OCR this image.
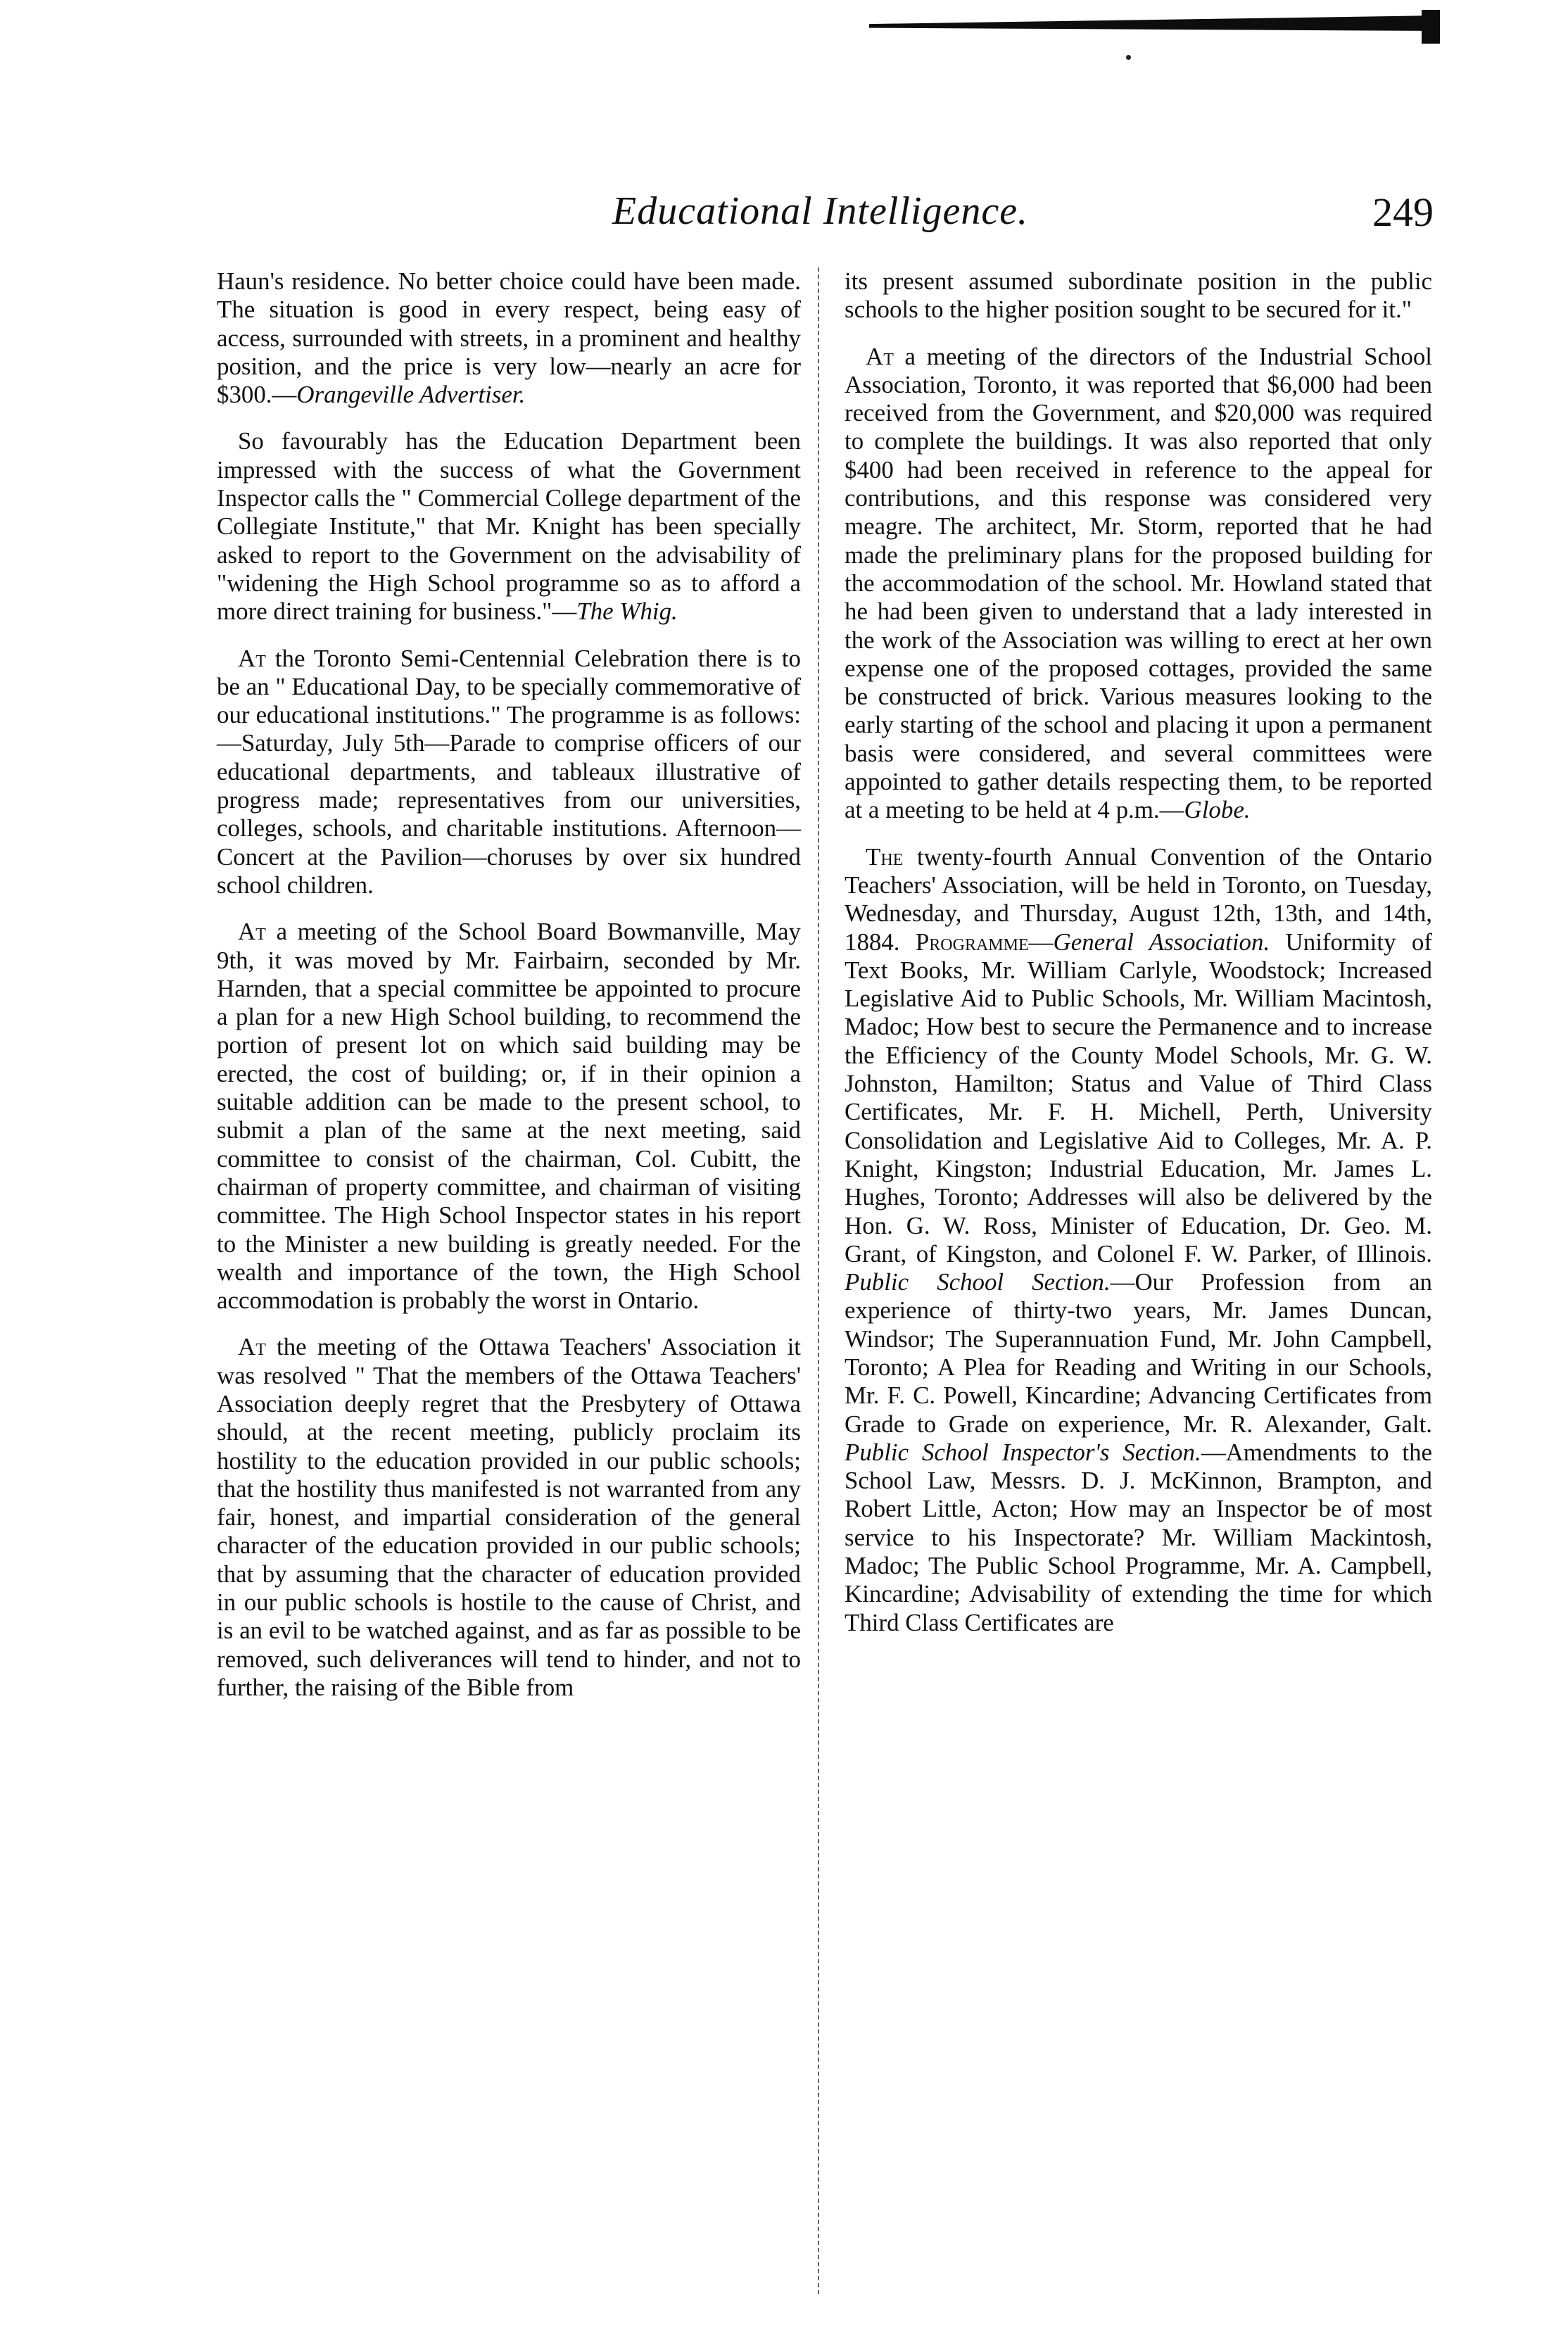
Educational Intelligence.	249

Haun's residence. No better choice could have been made. The situation is good in every respect, being easy of access, surrounded with streets, in a prominent and healthy position, and the price is very low—nearly an acre for $300.—Orangeville Advertiser.

So favourably has the Education Department been impressed with the success of what the Government Inspector calls the " Commercial College department of the Collegiate Institute," that Mr. Knight has been specially asked to report to the Government on the advisability of "widening the High School programme so as to afford a more direct training for business."—The Whig.

At the Toronto Semi-Centennial Celebration there is to be an " Educational Day, to be specially commemorative of our educational institutions." The programme is as follows: —Saturday, July 5th—Parade to comprise officers of our educational departments, and tableaux illustrative of progress made; representatives from our universities, colleges, schools, and charitable institutions. Afternoon—Concert at the Pavilion—choruses by over six hundred school children.

At a meeting of the School Board Bowmanville, May 9th, it was moved by Mr. Fairbairn, seconded by Mr. Harnden, that a special committee be appointed to procure a plan for a new High School building, to recommend the portion of present lot on which said building may be erected, the cost of building; or, if in their opinion a suitable addition can be made to the present school, to submit a plan of the same at the next meeting, said committee to consist of the chairman, Col. Cubitt, the chairman of property committee, and chairman of visiting committee. The High School Inspector states in his report to the Minister a new building is greatly needed. For the wealth and importance of the town, the High School accommodation is probably the worst in Ontario.

At the meeting of the Ottawa Teachers' Association it was resolved " That the members of the Ottawa Teachers' Association deeply regret that the Presbytery of Ottawa should, at the recent meeting, publicly proclaim its hostility to the education provided in our public schools; that the hostility thus manifested is not warranted from any fair, honest, and impartial consideration of the general character of the education provided in our public schools; that by assuming that the character of education provided in our public schools is hostile to the cause of Christ, and is an evil to be watched against, and as far as possible to be removed, such deliverances will tend to hinder, and not to further, the raising of the Bible from

its present assumed subordinate position in the public schools to the higher position sought to be secured for it."

At a meeting of the directors of the Industrial School Association, Toronto, it was reported that $6,000 had been received from the Government, and $20,000 was required to complete the buildings. It was also reported that only $400 had been received in reference to the appeal for contributions, and this response was considered very meagre. The architect, Mr. Storm, reported that he had made the preliminary plans for the proposed building for the accommodation of the school. Mr. Howland stated that he had been given to understand that a lady interested in the work of the Association was willing to erect at her own expense one of the proposed cottages, provided the same be constructed of brick. Various measures looking to the early starting of the school and placing it upon a permanent basis were considered, and several committees were appointed to gather details respecting them, to be reported at a meeting to be held at 4 p.m.—Globe.

The twenty-fourth Annual Convention of the Ontario Teachers' Association, will be held in Toronto, on Tuesday, Wednesday, and Thursday, August 12th, 13th, and 14th, 1884. Programme—General Association. Uniformity of Text Books, Mr. William Carlyle, Woodstock; Increased Legislative Aid to Public Schools, Mr. William Macintosh, Madoc; How best to secure the Permanence and to increase the Efficiency of the County Model Schools, Mr. G. W. Johnston, Hamilton; Status and Value of Third Class Certificates, Mr. F. H. Michell, Perth, University Consolidation and Legislative Aid to Colleges, Mr. A. P. Knight, Kingston; Industrial Education, Mr. James L. Hughes, Toronto; Addresses will also be delivered by the Hon. G. W. Ross, Minister of Education, Dr. Geo. M. Grant, of Kingston, and Colonel F. W. Parker, of Illinois. Public School Section.—Our Profession from an experience of thirty-two years, Mr. James Duncan, Windsor; The Superannuation Fund, Mr. John Campbell, Toronto; A Plea for Reading and Writing in our Schools, Mr. F. C. Powell, Kincardine; Advancing Certificates from Grade to Grade on experience, Mr. R. Alexander, Galt. Public School Inspector's Section.—Amendments to the School Law, Messrs. D. J. McKinnon, Brampton, and Robert Little, Acton; How may an Inspector be of most service to his Inspectorate? Mr. William Mackintosh, Madoc; The Public School Programme, Mr. A. Campbell, Kincardine; Advisability of extending the time for which Third Class Certificates are
